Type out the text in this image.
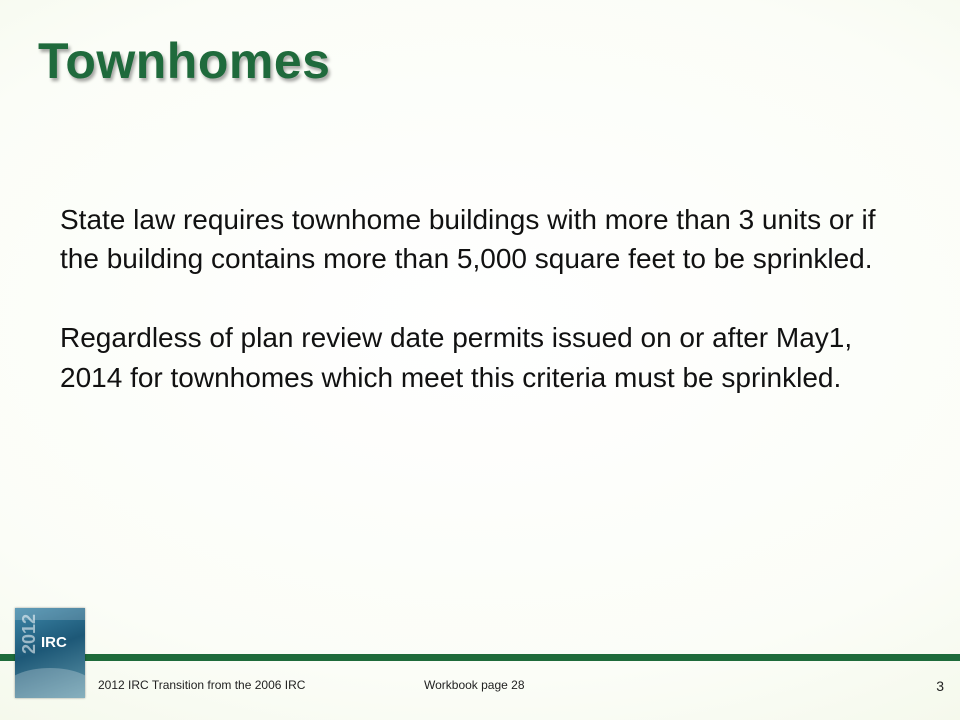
Townhomes

State law requires townhome buildings with more than 3 units or if the building contains more than 5,000 square feet to be sprinkled.

Regardless of plan review date permits issued on or after May1, 2014 for townhomes which meet this criteria must be sprinkled.

2012 IRC
2012 IRC Transition from the 2006 IRC	Workbook page 28	3
